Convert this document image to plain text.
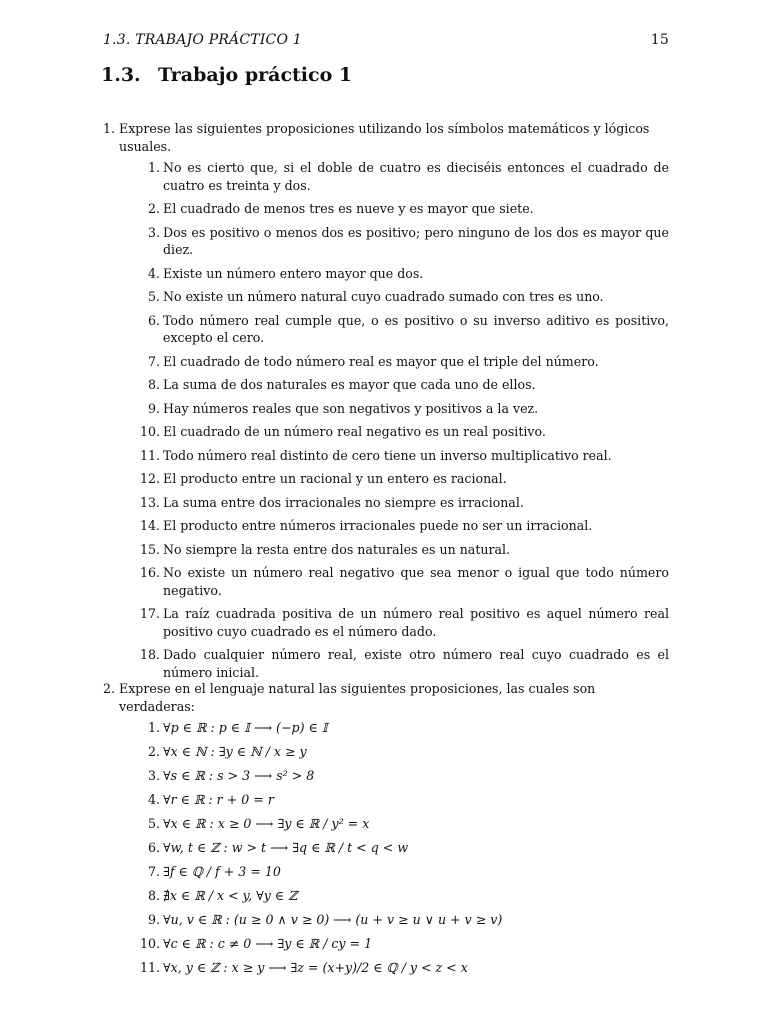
1.3. TRABAJO PRÁCTICO 1	15
1.3. Trabajo práctico 1
1. Exprese las siguientes proposiciones utilizando los símbolos matemáticos y lógicos usuales.
1. No es cierto que, si el doble de cuatro es dieciséis entonces el cuadrado de cuatro es treinta y dos.
2. El cuadrado de menos tres es nueve y es mayor que siete.
3. Dos es positivo o menos dos es positivo; pero ninguno de los dos es mayor que diez.
4. Existe un número entero mayor que dos.
5. No existe un número natural cuyo cuadrado sumado con tres es uno.
6. Todo número real cumple que, o es positivo o su inverso aditivo es positivo, excepto el cero.
7. El cuadrado de todo número real es mayor que el triple del número.
8. La suma de dos naturales es mayor que cada uno de ellos.
9. Hay números reales que son negativos y positivos a la vez.
10. El cuadrado de un número real negativo es un real positivo.
11. Todo número real distinto de cero tiene un inverso multiplicativo real.
12. El producto entre un racional y un entero es racional.
13. La suma entre dos irracionales no siempre es irracional.
14. El producto entre números irracionales puede no ser un irracional.
15. No siempre la resta entre dos naturales es un natural.
16. No existe un número real negativo que sea menor o igual que todo número negativo.
17. La raíz cuadrada positiva de un número real positivo es aquel número real positivo cuyo cuadrado es el número dado.
18. Dado cualquier número real, existe otro número real cuyo cuadrado es el número inicial.
2. Exprese en el lenguaje natural las siguientes proposiciones, las cuales son verdaderas:
1. ∀p ∈ ℝ : p ∈ 𝕀 ⟶ (−p) ∈ 𝕀
2. ∀x ∈ ℕ : ∃y ∈ ℕ / x ≥ y
3. ∀s ∈ ℝ : s > 3 ⟶ s² > 8
4. ∀r ∈ ℝ : r + 0 = r
5. ∀x ∈ ℝ : x ≥ 0 ⟶ ∃y ∈ ℝ / y² = x
6. ∀w, t ∈ ℤ : w > t ⟶ ∃q ∈ ℝ / t < q < w
7. ∃f ∈ ℚ / f + 3 = 10
8. ∄x ∈ ℝ / x < y, ∀y ∈ ℤ
9. ∀u, v ∈ ℝ : (u ≥ 0 ∧ v ≥ 0) ⟶ (u + v ≥ u ∨ u + v ≥ v)
10. ∀c ∈ ℝ : c ≠ 0 ⟶ ∃y ∈ ℝ / cy = 1
11. ∀x, y ∈ ℤ : x ≥ y ⟶ ∃z = (x+y)/2 ∈ ℚ / y < z < x
